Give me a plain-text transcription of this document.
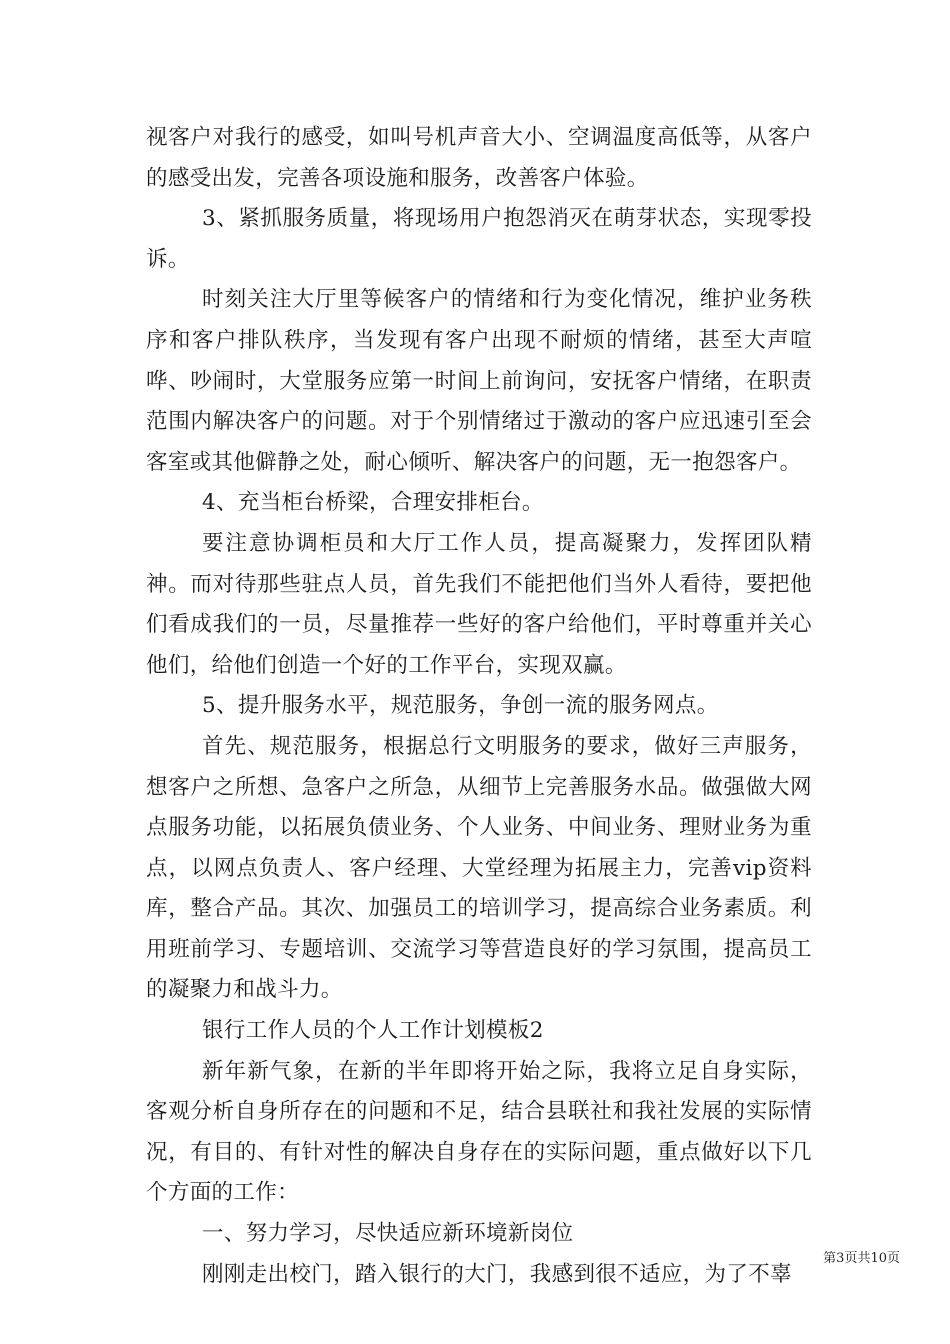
视客户对我行的感受，如叫号机声音大小、空调温度高低等，从客户的感受出发，完善各项设施和服务，改善客户体验。

3、紧抓服务质量，将现场用户抱怨消灭在萌芽状态，实现零投诉。

时刻关注大厅里等候客户的情绪和行为变化情况，维护业务秩序和客户排队秩序，当发现有客户出现不耐烦的情绪，甚至大声喧哗、吵闹时，大堂服务应第一时间上前询问，安抚客户情绪，在职责范围内解决客户的问题。对于个别情绪过于激动的客户应迅速引至会客室或其他僻静之处，耐心倾听、解决客户的问题，无一抱怨客户。

4、充当柜台桥梁，合理安排柜台。

要注意协调柜员和大厅工作人员，提高凝聚力，发挥团队精神。而对待那些驻点人员，首先我们不能把他们当外人看待，要把他们看成我们的一员，尽量推荐一些好的客户给他们，平时尊重并关心他们，给他们创造一个好的工作平台，实现双赢。

5、提升服务水平，规范服务，争创一流的服务网点。

首先、规范服务，根据总行文明服务的要求，做好三声服务，想客户之所想、急客户之所急，从细节上完善服务水品。做强做大网点服务功能，以拓展负债业务、个人业务、中间业务、理财业务为重点，以网点负责人、客户经理、大堂经理为拓展主力，完善vip资料库，整合产品。其次、加强员工的培训学习，提高综合业务素质。利用班前学习、专题培训、交流学习等营造良好的学习氛围，提高员工的凝聚力和战斗力。

银行工作人员的个人工作计划模板2

新年新气象，在新的半年即将开始之际，我将立足自身实际，客观分析自身所存在的问题和不足，结合县联社和我社发展的实际情况，有目的、有针对性的解决自身存在的实际问题，重点做好以下几个方面的工作：

一、努力学习，尽快适应新环境新岗位

刚刚走出校门，踏入银行的大门，我感到很不适应，为了不辜

第3页共10页
